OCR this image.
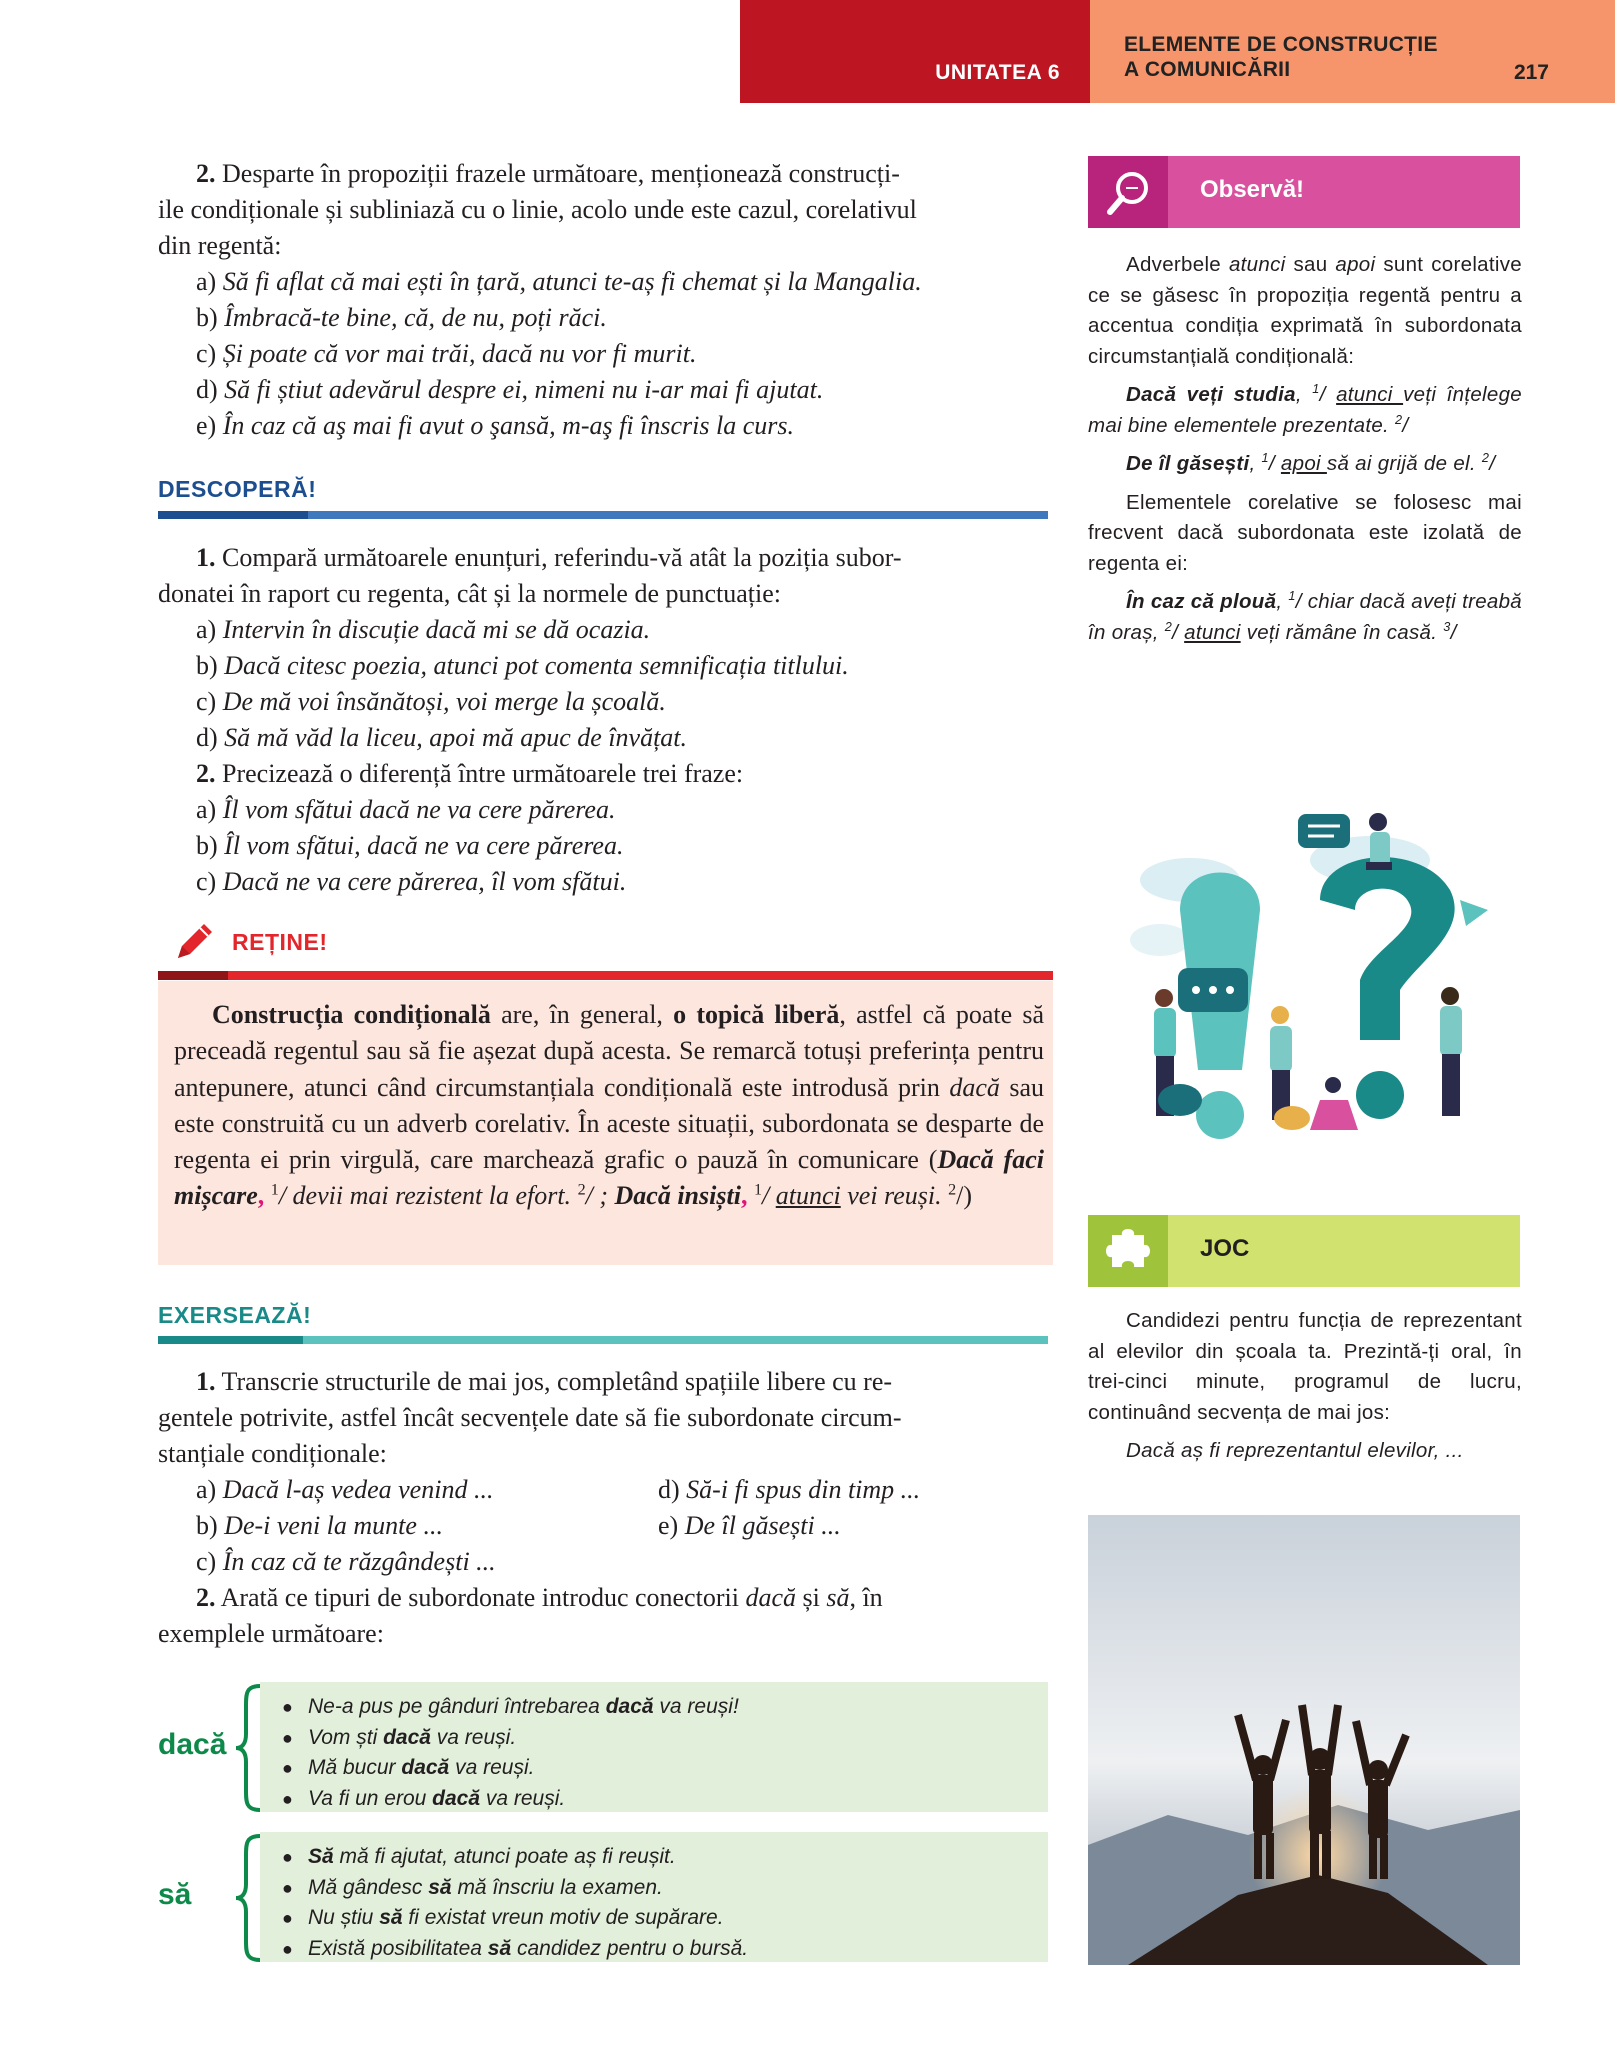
UNITATEA 6
ELEMENTE DE CONSTRUCȚIE
A COMUNICĂRII	217

2. Desparte în propoziții frazele următoare, menționează construcți-
ile condiționale și subliniază cu o linie, acolo unde este cazul, corelativul
din regentă:

a) Să fi aflat că mai ești în țară, atunci te-aș fi chemat și la Mangalia.

b) Îmbracă-te bine, că, de nu, poți răci.

c) Și poate că vor mai trăi, dacă nu vor fi murit.

d) Să fi știut adevărul despre ei, nimeni nu i-ar mai fi ajutat.

e) În caz că aş mai fi avut o şansă, m-aş fi înscris la curs.

DESCOPERĂ!

1. Compară următoarele enunțuri, referindu-vă atât la poziția subor-
donatei în raport cu regenta, cât și la normele de punctuație:

a) Intervin în discuție dacă mi se dă ocazia.

b) Dacă citesc poezia, atunci pot comenta semnificația titlului.

c) De mă voi însănătoși, voi merge la școală.

d) Să mă văd la liceu, apoi mă apuc de învățat.

2. Precizează o diferență între următoarele trei fraze:

a) Îl vom sfătui dacă ne va cere părerea.

b) Îl vom sfătui, dacă ne va cere părerea.

c) Dacă ne va cere părerea, îl vom sfătui.

REȚINE!

Construcția condițională are, în general, o topică liberă, astfel că poate să preceadă regentul sau să fie așezat după acesta. Se remarcă totuși preferința pentru antepunere, atunci când circumstanțiala condițională este introdusă prin dacă sau este construită cu un adverb corelativ. În aceste situații, subordonata se desparte de regenta ei prin virgulă, care marchează grafic o pauză în comunicare (Dacă faci mișcare, $^1$/ devii mai rezistent la efort. $^2$/ ; Dacă insiști, $^1$/ atunci vei reuși. $^2$/)

EXERSEAZĂ!

1. Transcrie structurile de mai jos, completând spațiile libere cu re-
gentele potrivite, astfel încât secvențele date să fie subordonate circum-
stanțiale condiționale:

a) Dacă l-aș vedea venind ...

b) De-i veni la munte ...

c) În caz că te răzgândești ...

d) Să-i fi spus din timp ...

e) De îl găsești ...

2. Arată ce tipuri de subordonate introduc conectorii dacă și să, în
exemplele următoare:

dacă
● Ne-a pus pe gânduri întrebarea dacă va reuși!
● Vom ști dacă va reuși.
● Mă bucur dacă va reuși.
● Va fi un erou dacă va reuși.
să
● Să mă fi ajutat, atunci poate aș fi reușit.
● Mă gândesc să mă înscriu la examen.
● Nu știu să fi existat vreun motiv de supărare.
● Există posibilitatea să candidez pentru o bursă.
Observă!

Adverbele atunci sau apoi sunt corelative ce se găsesc în propoziția regentă pentru a accentua condiția exprimată în subordonata circumstanțială condițională:

Dacă veți studia, $^1$/ atunci veți înțelege mai bine elementele prezentate. $^2$/

De îl găsești, $^1$/ apoi să ai grijă de el. $^2$/

Elementele corelative se folosesc mai frecvent dacă subordonata este izolată de regenta ei:

În caz că plouă, $^1$/ chiar dacă aveți treabă în oraș, $^2$/ atunci veți rămâne în casă. $^3$/

JOC

Candidezi pentru funcția de reprezentant al elevilor din școala ta. Prezintă-ți oral, în trei-cinci minute, programul de lucru, continuând secvența de mai jos:

Dacă aș fi reprezentantul elevilor, ...
